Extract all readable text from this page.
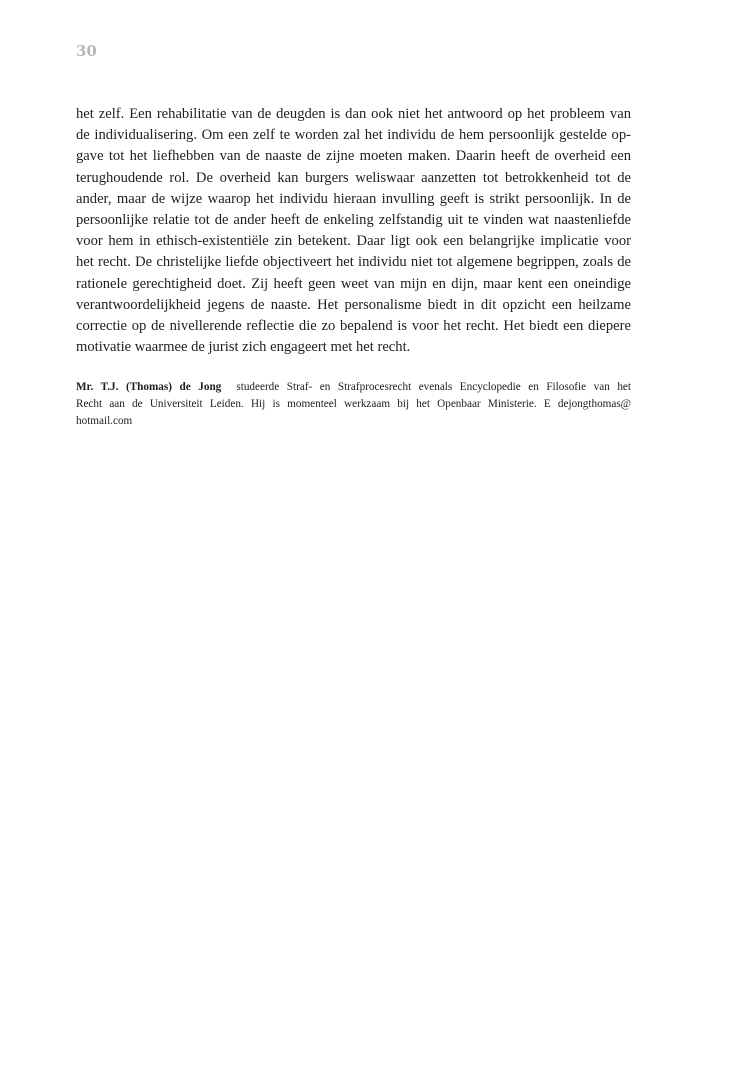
30

het zelf. Een rehabilitatie van de deugden is dan ook niet het antwoord op het probleem van
de individualisering. Om een zelf te worden zal het individu de hem persoonlijk gestelde op-
gave tot het liefhebben van de naaste de zijne moeten maken. Daarin heeft de overheid een
terughoudende rol. De overheid kan burgers weliswaar aanzetten tot betrokkenheid tot de
ander, maar de wijze waarop het individu hieraan invulling geeft is strikt persoonlijk. In de
persoonlijke relatie tot de ander heeft de enkeling zelfstandig uit te vinden wat naastenliefde
voor hem in ethisch-existentiële zin betekent. Daar ligt ook een belangrijke implicatie voor
het recht. De christelijke liefde objectiveert het individu niet tot algemene begrippen, zoals de
rationele gerechtigheid doet. Zij heeft geen weet van mijn en dijn, maar kent een oneindige
verantwoordelijkheid jegens de naaste. Het personalisme biedt in dit opzicht een heilzame
correctie op de nivellerende reflectie die zo bepalend is voor het recht. Het biedt een diepere
motivatie waarmee de jurist zich engageert met het recht.

Mr. T.J. (Thomas) de Jong studeerde Straf- en Strafprocesrecht evenals Encyclopedie en Filosofie van het
Recht aan de Universiteit Leiden. Hij is momenteel werkzaam bij het Openbaar Ministerie. E dejongthomas@
hotmail.com
